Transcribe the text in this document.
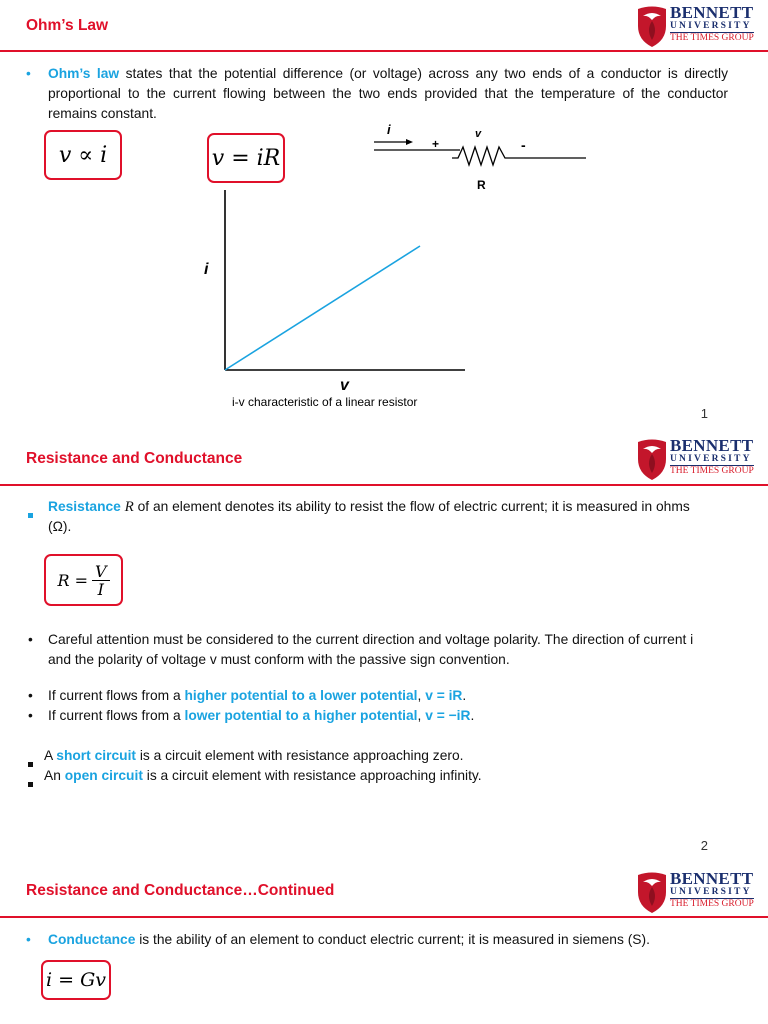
Ohm’s Law
BENNETT
UNIVERSITY
THE TIMES GROUP
• Ohm’s law states that the potential difference (or voltage) across any two ends of a conductor is directly proportional to the current flowing between the two ends provided that the temperature of the conductor remains constant.
v ∝ i	v = iR
i
+
v
-
R
i
v
i-v characteristic of a linear resistor
1
Resistance and Conductance
BENNETT
UNIVERSITY
THE TIMES GROUP
Resistance R of an element denotes its ability to resist the flow of electric current; it is measured in ohms (Ω).
$R = \frac{V}{I}$
• Careful attention must be considered to the current direction and voltage polarity. The direction of current i and the polarity of voltage v must conform with the passive sign convention.
• If current flows from a higher potential to a lower potential, v = iR.
• If current flows from a lower potential to a higher potential, v = −iR.
A short circuit is a circuit element with resistance approaching zero.
An open circuit is a circuit element with resistance approaching infinity.
2
Resistance and Conductance…Continued
BENNETT
UNIVERSITY
THE TIMES GROUP
• Conductance is the ability of an element to conduct electric current; it is measured in siemens (S).
i = Gv
